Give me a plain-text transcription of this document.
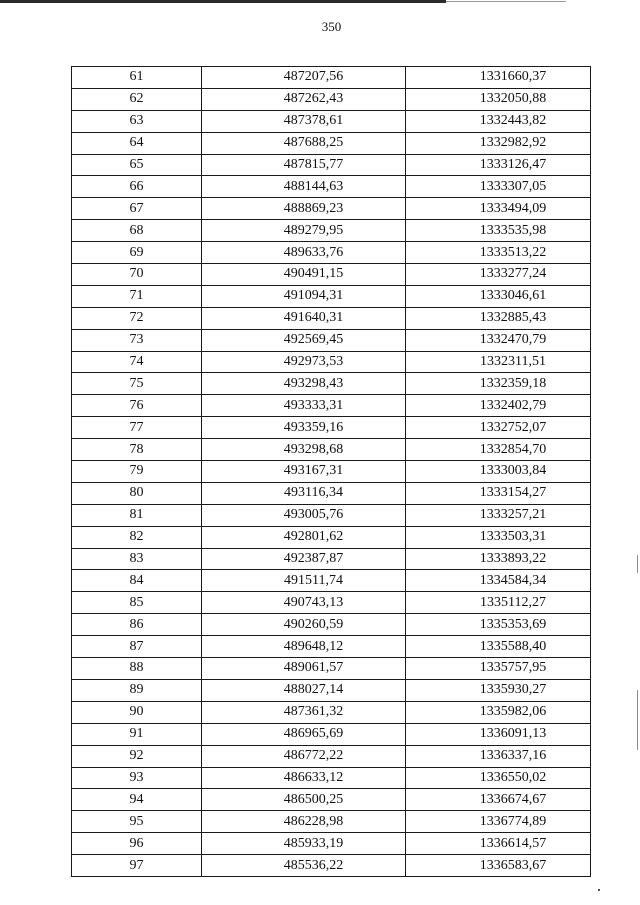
350
61	487207,56	1331660,37
62	487262,43	1332050,88
63	487378,61	1332443,82
64	487688,25	1332982,92
65	487815,77	1333126,47
66	488144,63	1333307,05
67	488869,23	1333494,09
68	489279,95	1333535,98
69	489633,76	1333513,22
70	490491,15	1333277,24
71	491094,31	1333046,61
72	491640,31	1332885,43
73	492569,45	1332470,79
74	492973,53	1332311,51
75	493298,43	1332359,18
76	493333,31	1332402,79
77	493359,16	1332752,07
78	493298,68	1332854,70
79	493167,31	1333003,84
80	493116,34	1333154,27
81	493005,76	1333257,21
82	492801,62	1333503,31
83	492387,87	1333893,22
84	491511,74	1334584,34
85	490743,13	1335112,27
86	490260,59	1335353,69
87	489648,12	1335588,40
88	489061,57	1335757,95
89	488027,14	1335930,27
90	487361,32	1335982,06
91	486965,69	1336091,13
92	486772,22	1336337,16
93	486633,12	1336550,02
94	486500,25	1336674,67
95	486228,98	1336774,89
96	485933,19	1336614,57
97	485536,22	1336583,67
